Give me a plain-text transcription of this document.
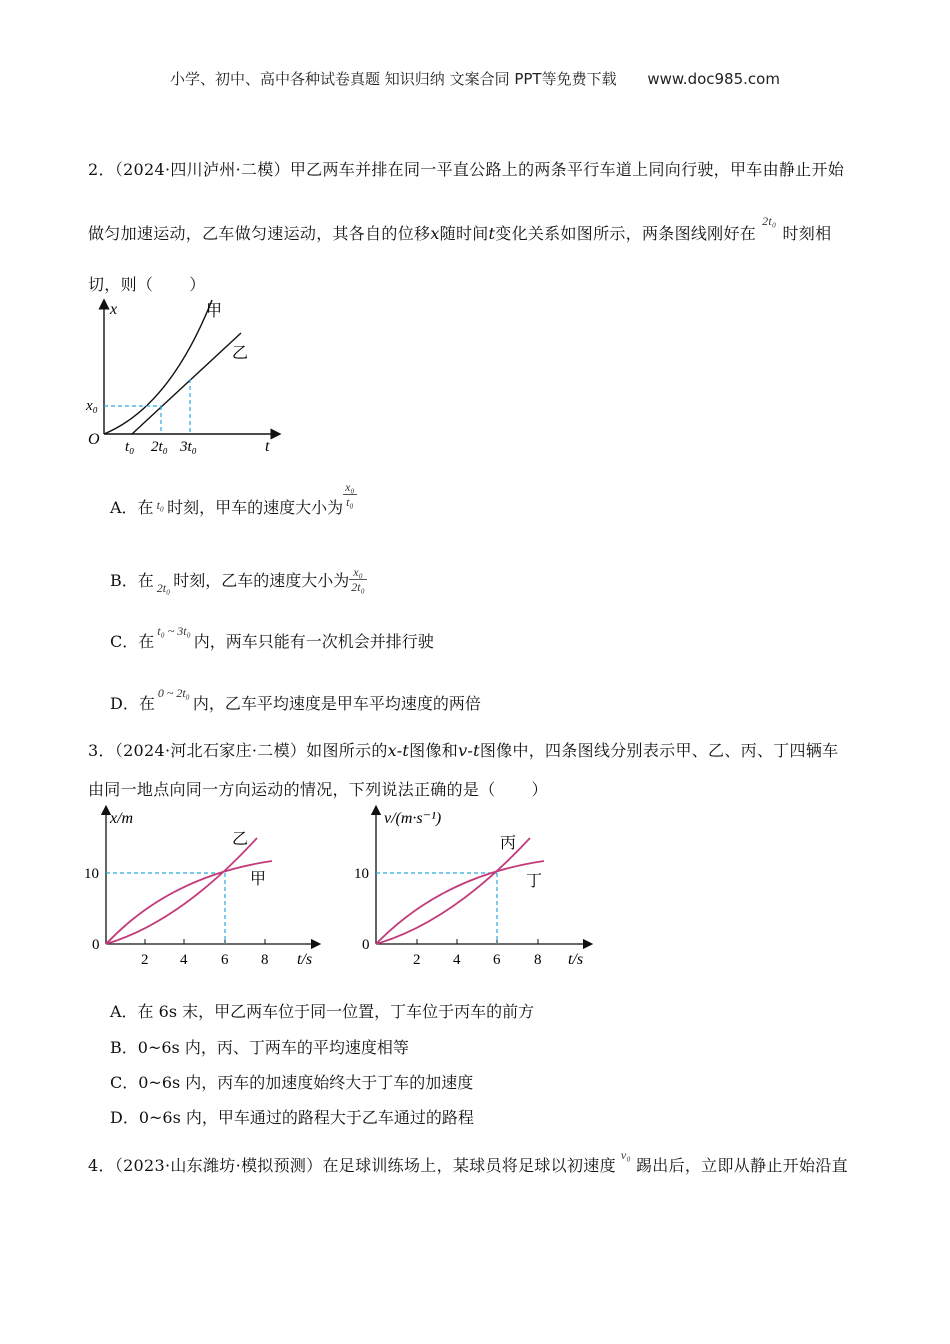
小学、初中、高中各种试卷真题 知识归纳 文案合同 PPT等免费下载 www.doc985.com
2．（2024·四川泸州·二模）甲乙两车并排在同一平直公路上的两条平行车道上同向行驶，甲车由静止开始
做匀加速运动，乙车做匀速运动，其各自的位移x随时间t变化关系如图所示，两条图线刚好在$^{2t_0}$时刻相
切，则（ ）
x
t
O
x₀
t₀ 2t₀ 3t₀
甲
乙
A．在 $^{t_0}$ 时刻，甲车的速度大小为 $\frac{\text{x₀}}{\text{t₀}}$
B．在 $_{2t_0}$ 时刻，乙车的速度大小为 $\frac{\text{x₀}}{\text{2t₀}}$
C．在$^{t_0 \sim 3t_0}$内，两车只能有一次机会并排行驶
D．在$^{0 \sim 2t_0}$内，乙车平均速度是甲车平均速度的两倍
3．（2024·河北石家庄·二模）如图所示的x-t图像和v-t图像中，四条图线分别表示甲、乙、丙、丁四辆车
由同一地点向同一方向运动的情况，下列说法正确的是（ ）
x/m
t/s
0
10
2 4 6 8
乙
甲
v/(m·s⁻¹)
t/s
0
10
2 4 6 8
丙
丁
A．在 6s 末，甲乙两车位于同一位置，丁车位于丙车的前方
B．0~6s 内，丙、丁两车的平均速度相等
C．0~6s 内，丙车的加速度始终大于丁车的加速度
D．0~6s 内，甲车通过的路程大于乙车通过的路程
4．（2023·山东潍坊·模拟预测）在足球训练场上，某球员将足球以初速度$^{v_0}$踢出后，立即从静止开始沿直
